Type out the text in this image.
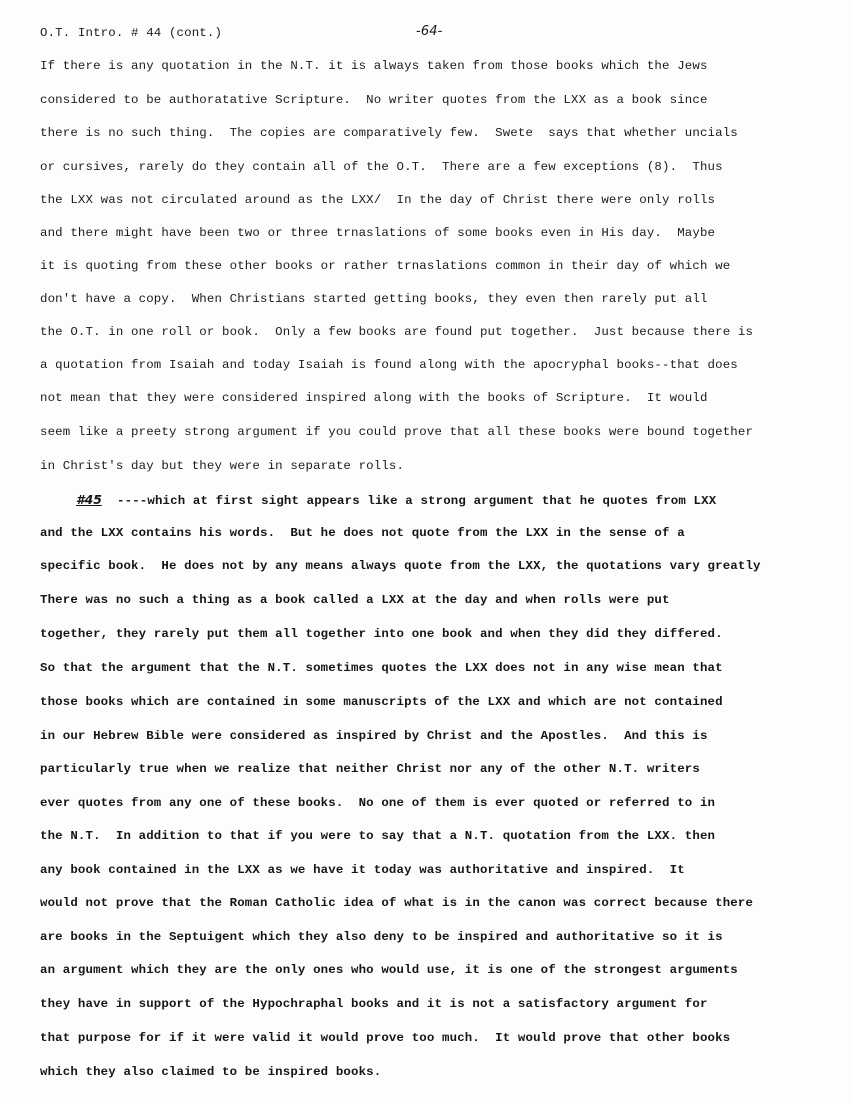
O.T. Intro. # 44 (cont.)	-64-
If there is any quotation in the N.T. it is always taken from those books which the Jews
considered to be authoratative Scripture.  No writer quotes from the LXX as a book since
there is no such thing.  The copies are comparatively few.  Swete  says that whether uncials
or cursives, rarely do they contain all of the O.T.  There are a few exceptions (8).  Thus
the LXX was not circulated around as the LXX/  In the day of Christ there were only rolls
and there might have been two or three trnaslations of some books even in His day.  Maybe
it is quoting from these other books or rather trnaslations common in their day of which we
don't have a copy.  When Christians started getting books, they even then rarely put all
the O.T. in one roll or book.  Only a few books are found put together.  Just because there is
a quotation from Isaiah and today Isaiah is found along with the apocryphal books--that does
not mean that they were considered inspired along with the books of Scripture.  It would
seem like a preety strong argument if you could prove that all these books were bound together
in Christ's day but they were in separate rolls.
#45  ----which at first sight appears like a strong argument that he quotes from LXX
and the LXX contains his words.  But he does not quote from the LXX in the sense of a
specific book.  He does not by any means always quote from the LXX, the quotations vary greatly
There was no such a thing as a book called a LXX at the day and when rolls were put
together, they rarely put them all together into one book and when they did they differed.
So that the argument that the N.T. sometimes quotes the LXX does not in any wise mean that
those books which are contained in some manuscripts of the LXX and which are not contained
in our Hebrew Bible were considered as inspired by Christ and the Apostles.  And this is
particularly true when we realize that neither Christ nor any of the other N.T. writers
ever quotes from any one of these books.  No one of them is ever quoted or referred to in
the N.T.  In addition to that if you were to say that a N.T. quotation from the LXX. then
any book contained in the LXX as we have it today was authoritative and inspired.  It
would not prove that the Roman Catholic idea of what is in the canon was correct because there
are books in the Septuigent which they also deny to be inspired and authoritative so it is
an argument which they are the only ones who would use, it is one of the strongest arguments
they have in support of the Hypochraphal books and it is not a satisfactory argument for
that purpose for if it were valid it would prove too much.  It would prove that other books
which they also claimed to be inspired books.
